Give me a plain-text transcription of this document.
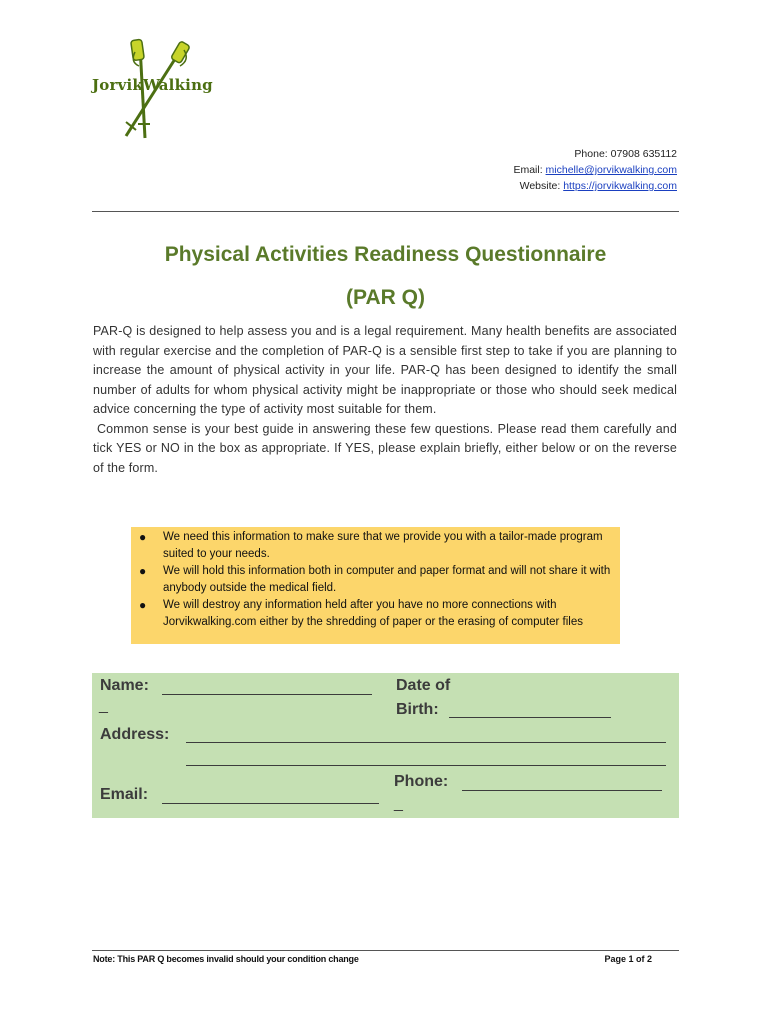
JorvikWalking
Phone: 07908 635112
Email: michelle@jorvikwalking.com
Website: https://jorvikwalking.com
Physical Activities Readiness Questionnaire
(PAR Q)

PAR-Q is designed to help assess you and is a legal requirement. Many health benefits are associated with regular exercise and the completion of PAR-Q is a sensible first step to take if you are planning to increase the amount of physical activity in your life. PAR-Q has been designed to identify the small number of adults for whom physical activity might be inappropriate or those who should seek medical advice concerning the type of activity most suitable for them.

Common sense is your best guide in answering these few questions. Please read them carefully and tick YES or NO in the box as appropriate. If YES, please explain briefly, either below or on the reverse of the form.

● We need this information to make sure that we provide you with a tailor-made program suited to your needs.
● We will hold this information both in computer and paper format and will not share it with anybody outside the medical field.
● We will destroy any information held after you have no more connections with Jorvikwalking.com either by the shredding of paper or the erasing of computer files
Name:
_
Date of
Birth:
Address:
Phone:
_
Email:
Note: This PAR Q becomes invalid should your condition change	Page 1 of 2
